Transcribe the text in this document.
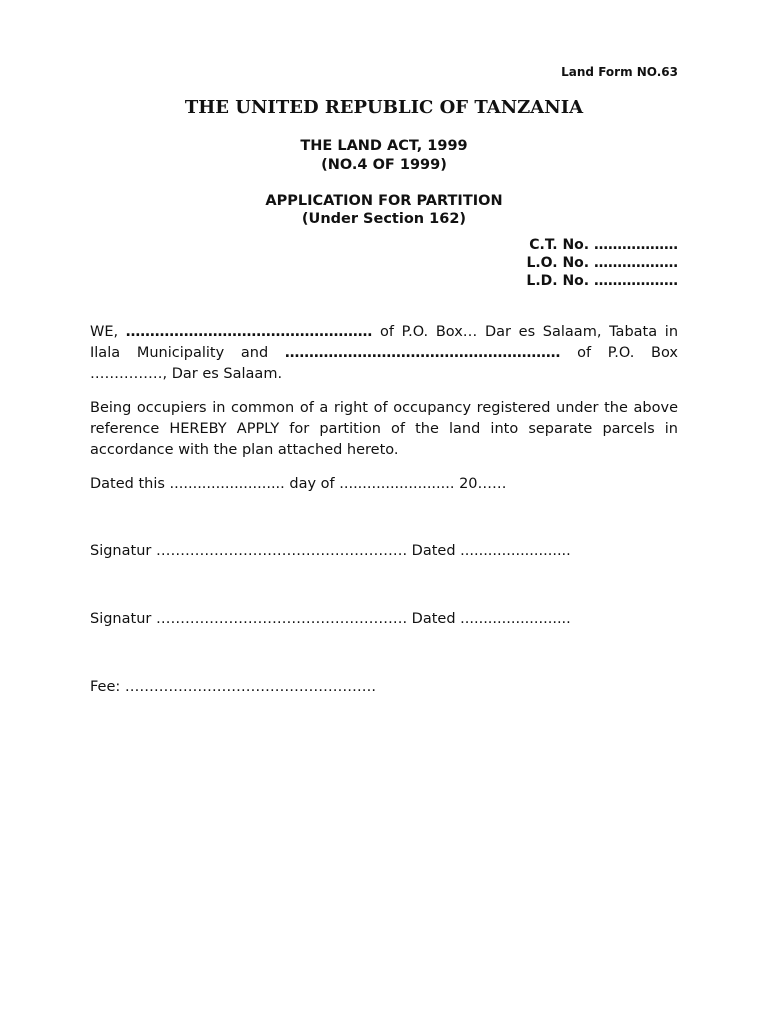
Land Form NO.63
THE UNITED REPUBLIC OF TANZANIA
THE LAND ACT, 1999
(NO.4 OF 1999)
APPLICATION FOR PARTITION
(Under Section 162)
C.T. No. ………………
L.O. No. ………………
L.D. No. ………………

WE, …………………………………………… of P.O. Box… Dar es Salaam, Tabata in Ilala Municipality and ………………………………………………… of P.O. Box ……………, Dar es Salaam.

Being occupiers in common of a right of occupancy registered under the above reference HEREBY APPLY for partition of the land into separate parcels in accordance with the plan attached hereto.

Dated this ......................... day of ......................... 20……

Signatur ……………………………………………. Dated ........................

Signatur ……………………………………………. Dated ........................

Fee: …………………………………………….
